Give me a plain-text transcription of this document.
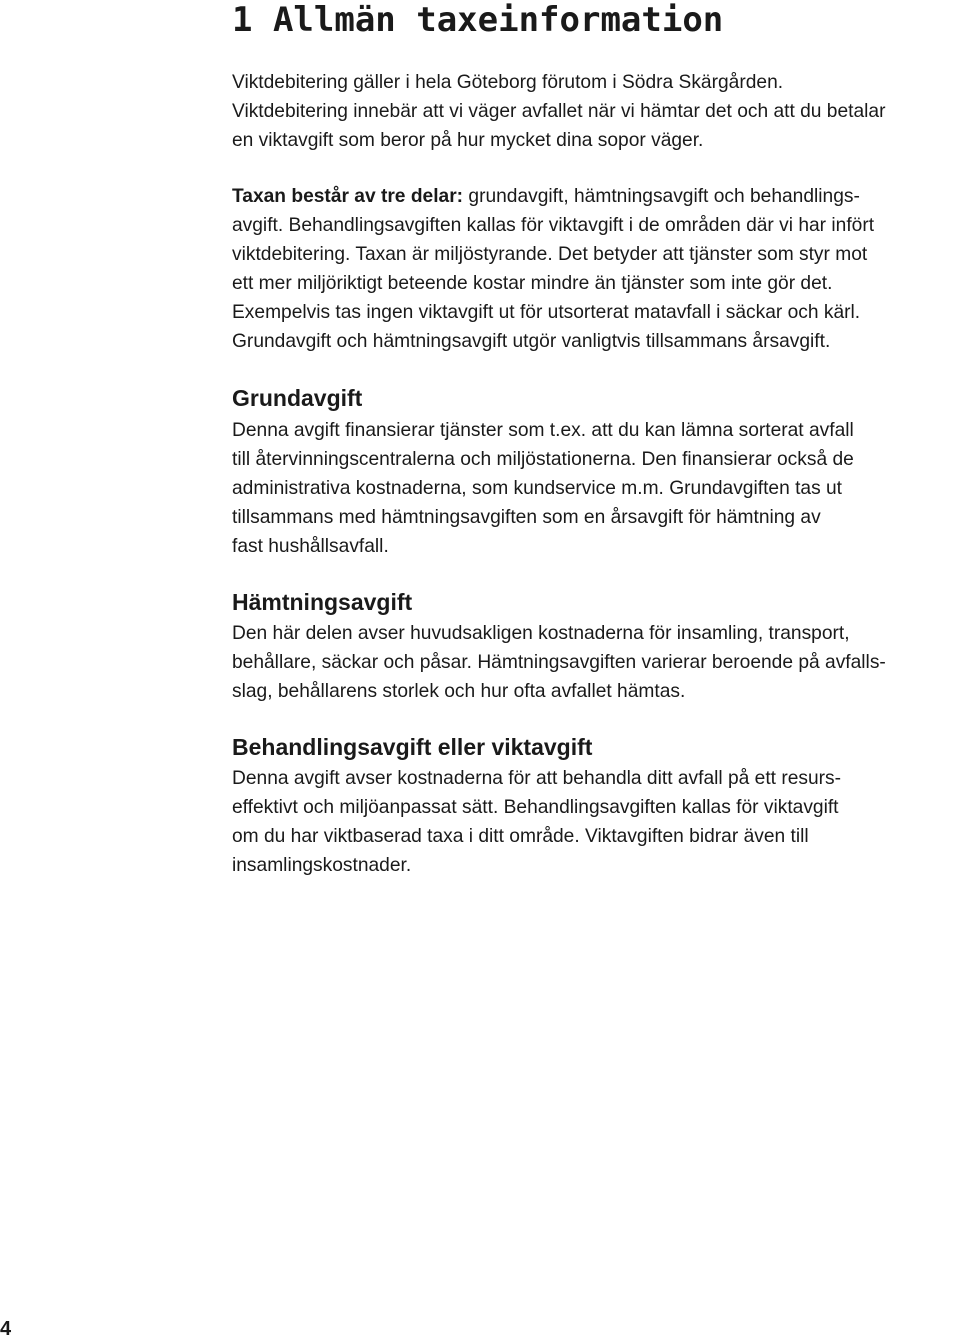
1 Allmän taxeinformation

Viktdebitering gäller i hela Göteborg förutom i Södra Skärgården.
Viktdebitering innebär att vi väger avfallet när vi hämtar det och att du betalar
en viktavgift som beror på hur mycket dina sopor väger.

Taxan består av tre delar: grundavgift, hämtningsavgift och behandlings-
avgift. Behandlingsavgiften kallas för viktavgift i de områden där vi har infört
viktdebitering. Taxan är miljöstyrande. Det betyder att tjänster som styr mot
ett mer miljöriktigt beteende kostar mindre än tjänster som inte gör det.
Exempelvis tas ingen viktavgift ut för utsorterat matavfall i säckar och kärl.
Grundavgift och hämtningsavgift utgör vanligtvis tillsammans årsavgift.

Grundavgift

Denna avgift finansierar tjänster som t.ex. att du kan lämna sorterat avfall
till återvinningscentralerna och miljöstationerna. Den finansierar också de
administrativa kostnaderna, som kundservice m.m. Grundavgiften tas ut
tillsammans med hämtningsavgiften som en årsavgift för hämtning av
fast hushållsavfall.

Hämtningsavgift

Den här delen avser huvudsakligen kostnaderna för insamling, transport,
behållare, säckar och påsar. Hämtningsavgiften varierar beroende på avfalls-
slag, behållarens storlek och hur ofta avfallet hämtas.

Behandlingsavgift eller viktavgift

Denna avgift avser kostnaderna för att behandla ditt avfall på ett resurs-
effektivt och miljöanpassat sätt. Behandlingsavgiften kallas för viktavgift
om du har viktbaserad taxa i ditt område. Viktavgiften bidrar även till
insamlingskostnader.

4
